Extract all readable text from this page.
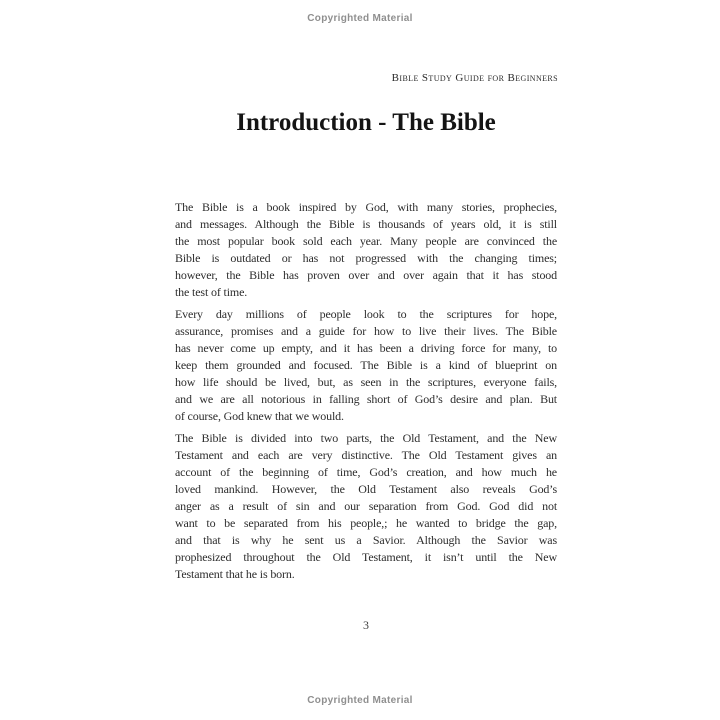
Copyrighted Material
Bible Study Guide for Beginners
Introduction - The Bible
The Bible is a book inspired by God, with many stories, prophecies,
and messages. Although the Bible is thousands of years old, it is still
the most popular book sold each year. Many people are convinced the
Bible is outdated or has not progressed with the changing times;
however, the Bible has proven over and over again that it has stood
the test of time.
Every day millions of people look to the scriptures for hope,
assurance, promises and a guide for how to live their lives. The Bible
has never come up empty, and it has been a driving force for many, to
keep them grounded and focused. The Bible is a kind of blueprint on
how life should be lived, but, as seen in the scriptures, everyone fails,
and we are all notorious in falling short of God’s desire and plan. But
of course, God knew that we would.
The Bible is divided into two parts, the Old Testament, and the New
Testament and each are very distinctive. The Old Testament gives an
account of the beginning of time, God’s creation, and how much he
loved mankind. However, the Old Testament also reveals God’s
anger as a result of sin and our separation from God. God did not
want to be separated from his people,; he wanted to bridge the gap,
and that is why he sent us a Savior. Although the Savior was
prophesized throughout the Old Testament, it isn’t until the New
Testament that he is born.
3
Copyrighted Material
